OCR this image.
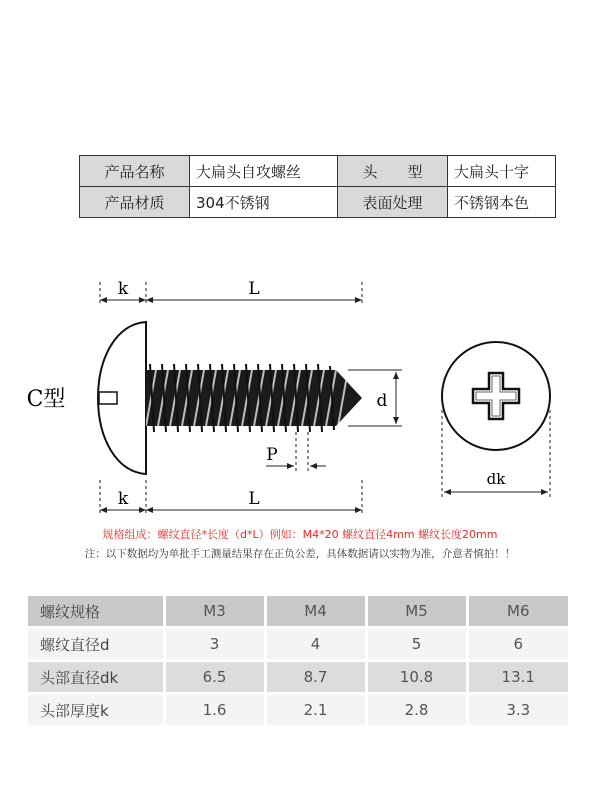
产品名称	大扁头自攻螺丝	头　　型	大扁头十字
产品材质	304不锈钢	表面处理	不锈钢本色
k	L
C型	d
P
k	L
dk
规格组成：螺纹直径*长度（d*L）例如：M4*20 螺纹直径4mm 螺纹长度20mm
注：以下数据均为单批手工测量结果存在正负公差，具体数据请以实物为准，介意者慎拍！！
螺纹规格	M3	M4	M5	M6
螺纹直径d	3	4	5	6
头部直径dk	6.5	8.7	10.8	13.1
头部厚度k	1.6	2.1	2.8	3.3
